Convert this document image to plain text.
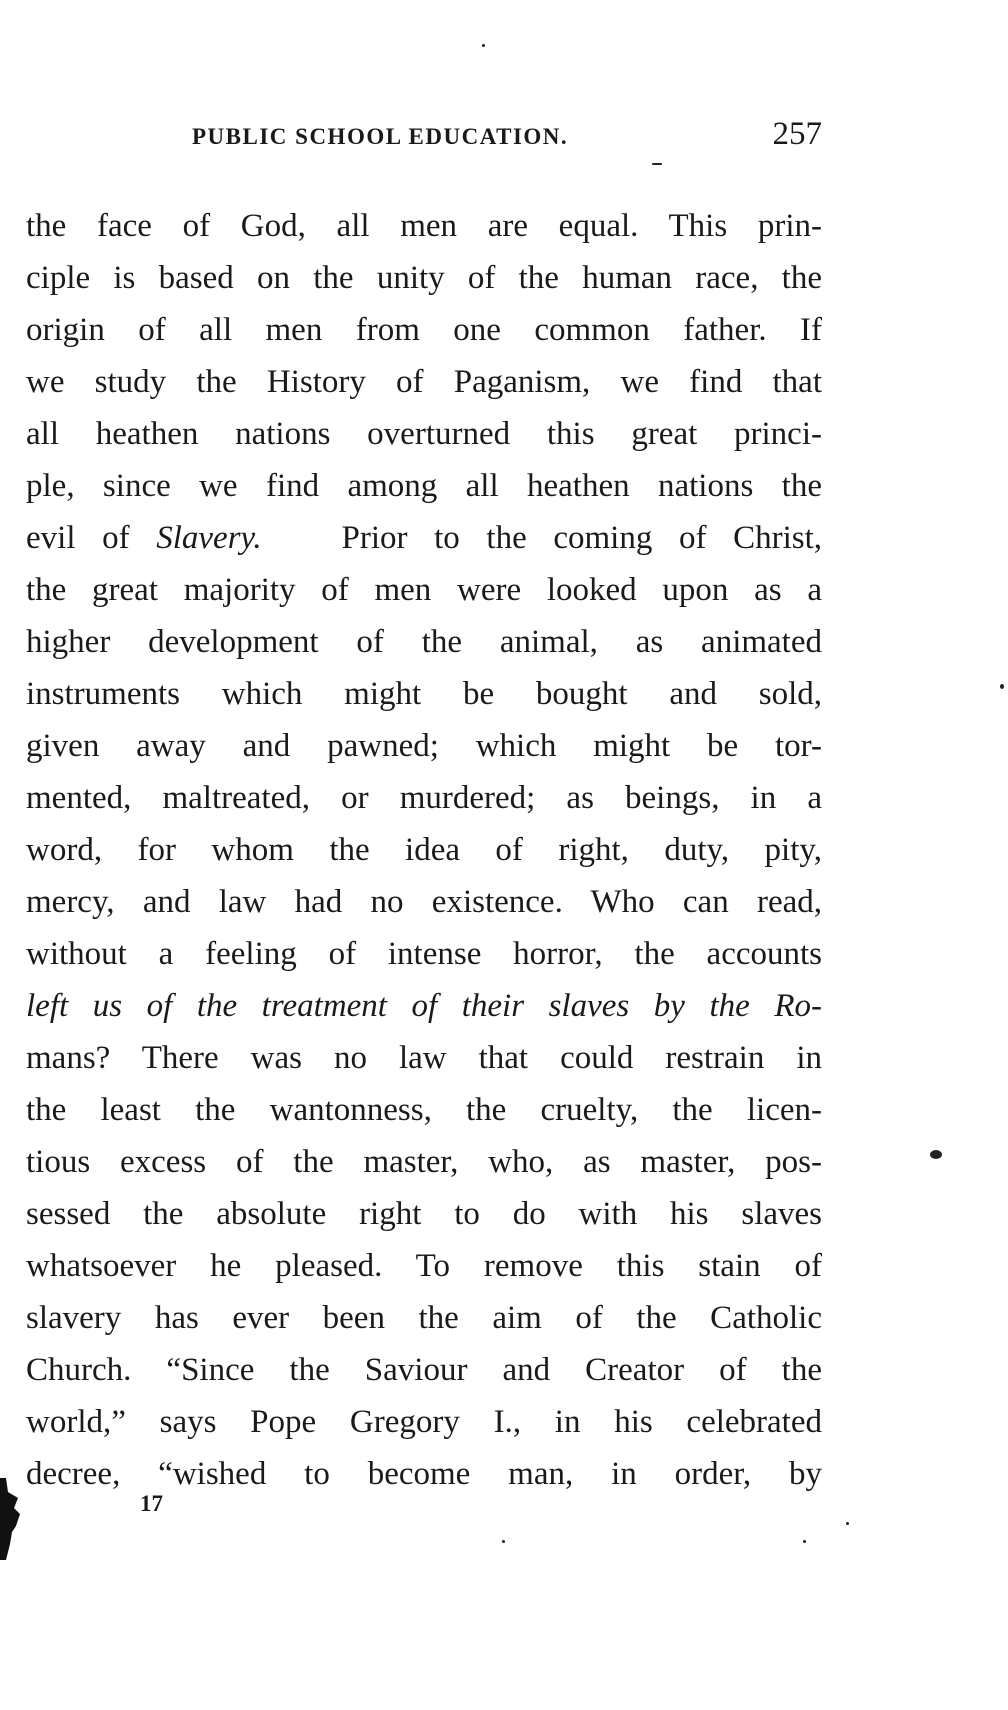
PUBLIC SCHOOL EDUCATION.	257
the face of God, all men are equal. This prin-
ciple is based on the unity of the human race, the
origin of all men from one common father. If
we study the History of Paganism, we find that
all heathen nations overturned this great princi-
ple, since we find among all heathen nations the
evil of Slavery. Prior to the coming of Christ,
the great majority of men were looked upon as a
higher development of the animal, as animated
instruments which might be bought and sold,
given away and pawned; which might be tor-
mented, maltreated, or murdered; as beings, in a
word, for whom the idea of right, duty, pity,
mercy, and law had no existence. Who can read,
without a feeling of intense horror, the accounts
left us of the treatment of their slaves by the Ro-
mans? There was no law that could restrain in
the least the wantonness, the cruelty, the licen-
tious excess of the master, who, as master, pos-
sessed the absolute right to do with his slaves
whatsoever he pleased. To remove this stain of
slavery has ever been the aim of the Catholic
Church. “Since the Saviour and Creator of the
world,” says Pope Gregory I., in his celebrated
decree, “wished to become man, in order, by
17
